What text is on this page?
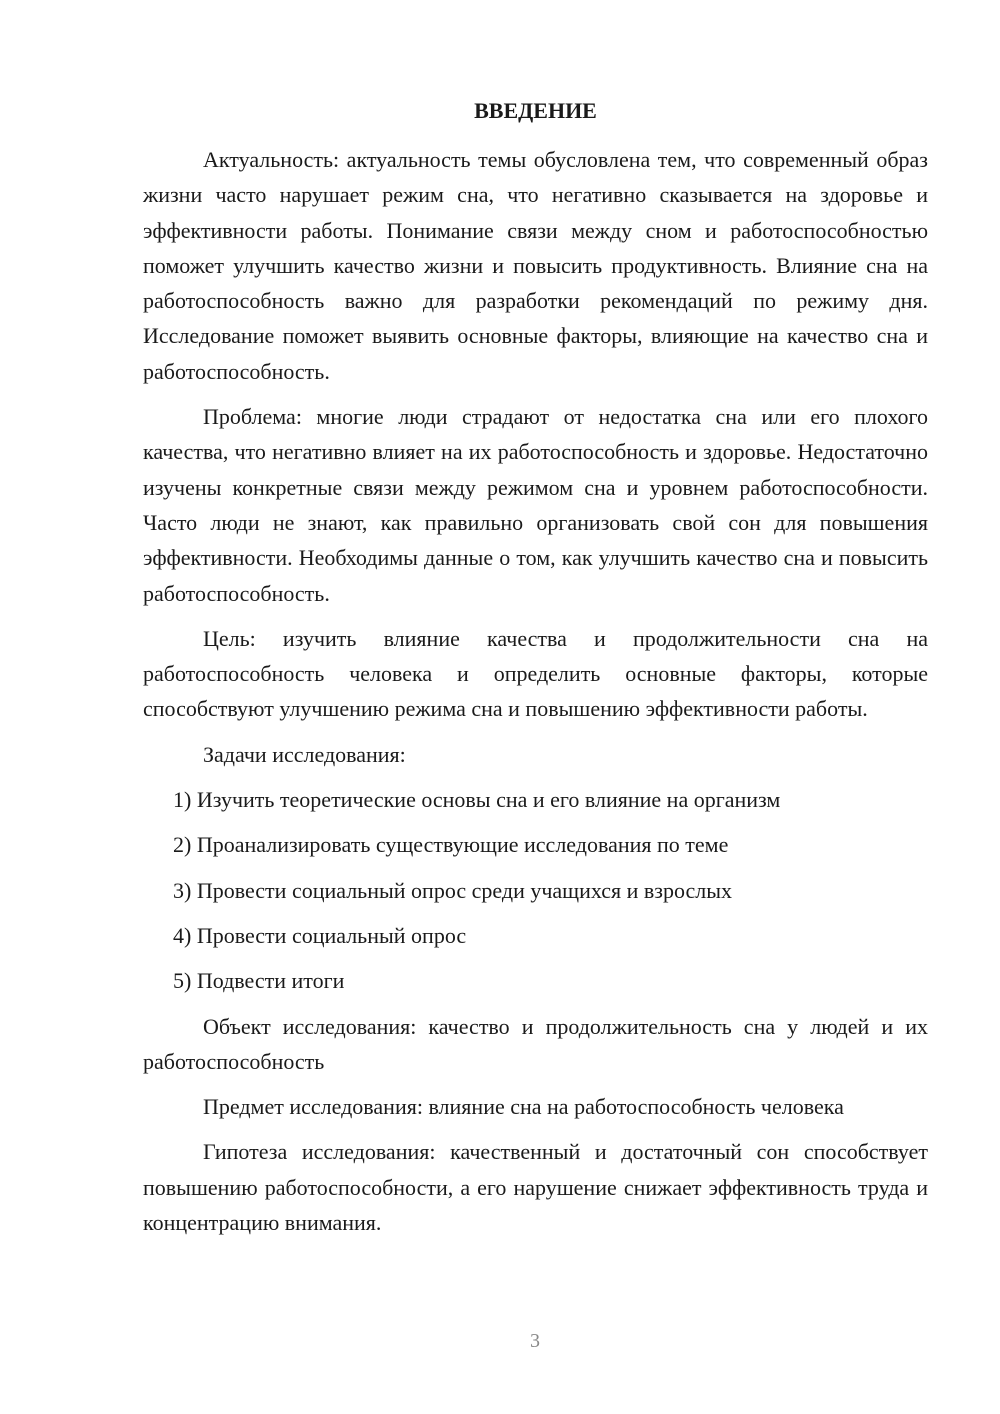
ВВЕДЕНИЕ

Актуальность: актуальность темы обусловлена тем, что современный образ жизни часто нарушает режим сна, что негативно сказывается на здоровье и эффективности работы. Понимание связи между сном и работоспособностью поможет улучшить качество жизни и повысить продуктивность. Влияние сна на работоспособность важно для разработки рекомендаций по режиму дня. Исследование поможет выявить основные факторы, влияющие на качество сна и работоспособность.

Проблема: многие люди страдают от недостатка сна или его плохого качества, что негативно влияет на их работоспособность и здоровье. Недостаточно изучены конкретные связи между режимом сна и уровнем работоспособности. Часто люди не знают, как правильно организовать свой сон для повышения эффективности. Необходимы данные о том, как улучшить качество сна и повысить работоспособность.

Цель: изучить влияние качества и продолжительности сна на работоспособность человека и определить основные факторы, которые способствуют улучшению режима сна и повышению эффективности работы.

Задачи исследования:

1) Изучить теоретические основы сна и его влияние на организм
2) Проанализировать существующие исследования по теме
3) Провести социальный опрос среди учащихся и взрослых
4) Провести социальный опрос
5) Подвести итоги

Объект исследования: качество и продолжительность сна у людей и их работоспособность

Предмет исследования: влияние сна на работоспособность человека

Гипотеза исследования: качественный и достаточный сон способствует повышению работоспособности, а его нарушение снижает эффективность труда и концентрацию внимания.

3
